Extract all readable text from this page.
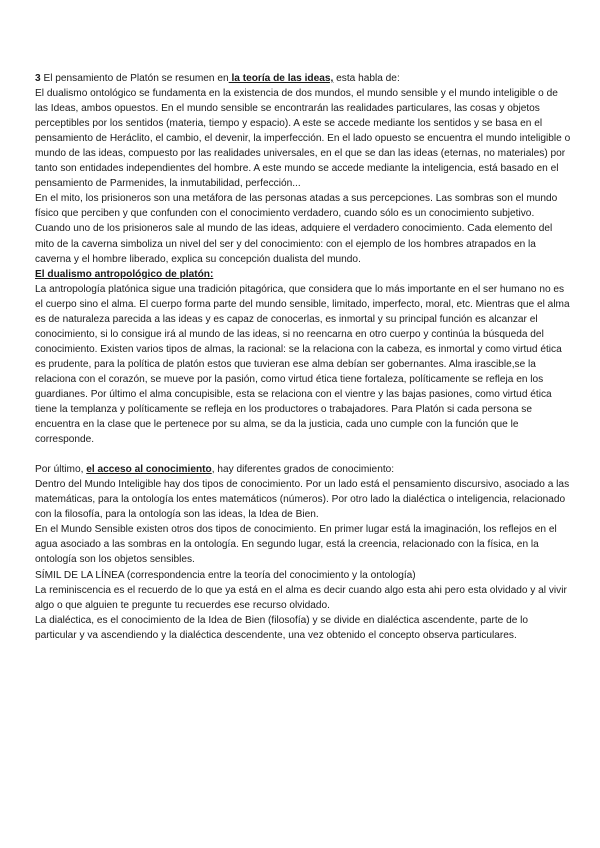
3 El pensamiento de Platón se resumen en la teoría de las ideas, esta habla de:

El dualismo ontológico se fundamenta en la existencia de dos mundos, el mundo sensible y el mundo inteligible o de las Ideas, ambos opuestos. En el mundo sensible se encontrarán las realidades particulares, las cosas y objetos perceptibles por los sentidos (materia, tiempo y espacio). A este se accede mediante los sentidos y se basa en el pensamiento de Heráclito, el cambio, el devenir, la imperfección. En el lado opuesto se encuentra el mundo inteligible o mundo de las ideas, compuesto por las realidades universales, en el que se dan las ideas (eternas, no materiales) por tanto son entidades independientes del hombre. A este mundo se accede mediante la inteligencia, está basado en el pensamiento de Parmenides, la inmutabilidad, perfección...

En el mito, los prisioneros son una metáfora de las personas atadas a sus percepciones. Las sombras son el mundo físico que perciben y que confunden con el conocimiento verdadero, cuando sólo es un conocimiento subjetivo. Cuando uno de los prisioneros sale al mundo de las ideas, adquiere el verdadero conocimiento. Cada elemento del mito de la caverna simboliza un nivel del ser y del conocimiento: con el ejemplo de los hombres atrapados en la caverna y el hombre liberado, explica su concepción dualista del mundo.

El dualismo antropológico de platón:

La antropología platónica sigue una tradición pitagórica, que considera que lo más importante en el ser humano no es el cuerpo sino el alma. El cuerpo forma parte del mundo sensible, limitado, imperfecto, moral, etc. Mientras que el alma es de naturaleza parecida a las ideas y es capaz de conocerlas, es inmortal y su principal función es alcanzar el conocimiento, si lo consigue irá al mundo de las ideas, si no reencarna en otro cuerpo y continúa la búsqueda del conocimiento. Existen varios tipos de almas, la racional: se la relaciona con la cabeza, es inmortal y como virtud ética es prudente, para la política de platón estos que tuvieran ese alma debían ser gobernantes. Alma irascible,se la relaciona con el corazón, se mueve por la pasión, como virtud ética tiene fortaleza, políticamente se refleja en los guardianes. Por último el alma concupisible, esta se relaciona con el vientre y las bajas pasiones, como virtud ética tiene la templanza y políticamente se refleja en los productores o trabajadores. Para Platón si cada persona se encuentra en la clase que le pertenece por su alma, se da la justicia, cada uno cumple con la función que le corresponde.

Por último, el acceso al conocimiento, hay diferentes grados de conocimiento:

Dentro del Mundo Inteligible hay dos tipos de conocimiento. Por un lado está el pensamiento discursivo, asociado a las matemáticas, para la ontología los entes matemáticos (números). Por otro lado la dialéctica o inteligencia, relacionado con la filosofía, para la ontología son las ideas, la Idea de Bien.

En el Mundo Sensible existen otros dos tipos de conocimiento. En primer lugar está la imaginación, los reflejos en el agua asociado a las sombras en la ontología. En segundo lugar, está la creencia, relacionado con la física, en la ontología son los objetos sensibles.

SÍMIL DE LA LÍNEA (correspondencia entre la teoría del conocimiento y la ontología)

La reminiscencia es el recuerdo de lo que ya está en el alma es decir cuando algo esta ahi pero esta olvidado y al vivir algo o que alguien te pregunte tu recuerdes ese recurso olvidado.

La dialéctica, es el conocimiento de la Idea de Bien (filosofía) y se divide en dialéctica ascendente, parte de lo particular y va ascendiendo y la dialéctica descendente, una vez obtenido el concepto observa particulares.
